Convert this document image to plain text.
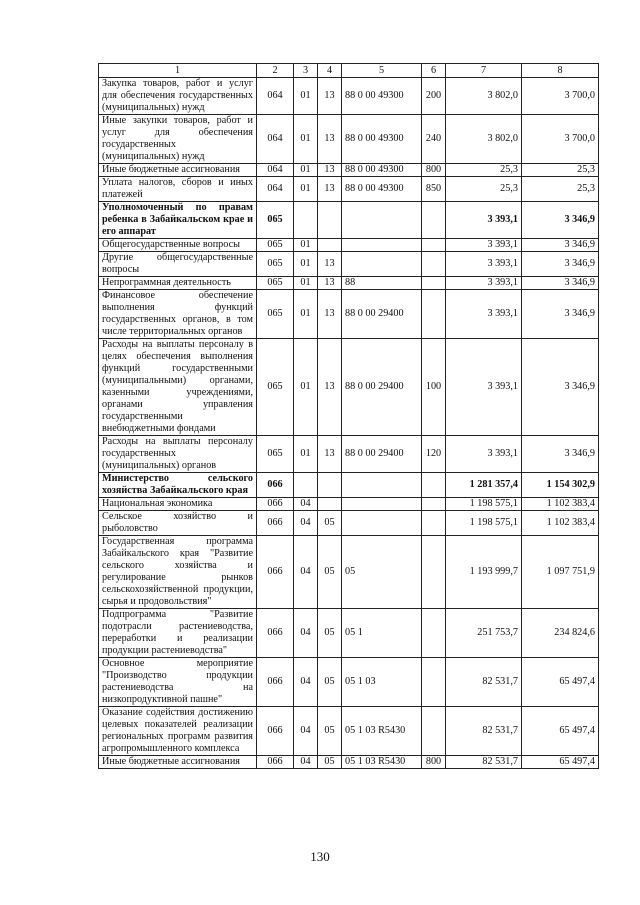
1	2	3	4	5	6	7	8
Закупка товаров, работ и услуг для обеспечения государственных (муниципальных) нужд	064	01	13	88 0 00 49300	200	3 802,0	3 700,0
Иные закупки товаров, работ и услуг для обеспечения государственных (муниципальных) нужд	064	01	13	88 0 00 49300	240	3 802,0	3 700,0
Иные бюджетные ассигнования	064	01	13	88 0 00 49300	800	25,3	25,3
Уплата налогов, сборов и иных платежей	064	01	13	88 0 00 49300	850	25,3	25,3
Уполномоченный по правам ребенка в Забайкальском крае и его аппарат	065					3 393,1	3 346,9
Общегосударственные вопросы	065	01				3 393,1	3 346,9
Другие общегосударственные вопросы	065	01	13			3 393,1	3 346,9
Непрограммная деятельность	065	01	13	88		3 393,1	3 346,9
Финансовое обеспечение выполнения функций государственных органов, в том числе территориальных органов	065	01	13	88 0 00 29400		3 393,1	3 346,9
Расходы на выплаты персоналу в целях обеспечения выполнения функций государственными (муниципальными) органами, казенными учреждениями, органами управления государственными внебюджетными фондами	065	01	13	88 0 00 29400	100	3 393,1	3 346,9
Расходы на выплаты персоналу государственных (муниципальных) органов	065	01	13	88 0 00 29400	120	3 393,1	3 346,9
Министерство сельского хозяйства Забайкальского края	066					1 281 357,4	1 154 302,9
Национальная экономика	066	04				1 198 575,1	1 102 383,4
Сельское хозяйство и рыболовство	066	04	05			1 198 575,1	1 102 383,4
Государственная программа Забайкальского края "Развитие сельского хозяйства и регулирование рынков сельскохозяйственной продукции, сырья и продовольствия"	066	04	05	05		1 193 999,7	1 097 751,9
Подпрограмма "Развитие подотрасли растениеводства, переработки и реализации продукции растениеводства"	066	04	05	05 1		251 753,7	234 824,6
Основное мероприятие "Производство продукции растениеводства на низкопродуктивной пашне"	066	04	05	05 1 03		82 531,7	65 497,4
Оказание содействия достижению целевых показателей реализации региональных программ развития агропромышленного комплекса	066	04	05	05 1 03 R5430		82 531,7	65 497,4
Иные бюджетные ассигнования	066	04	05	05 1 03 R5430	800	82 531,7	65 497,4
130
